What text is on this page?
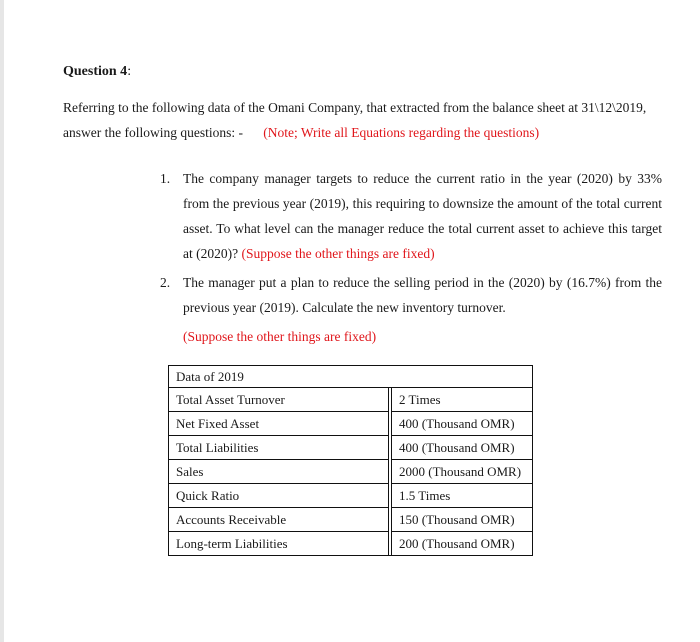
Question 4:
Referring to the following data of the Omani Company, that extracted from the balance sheet at 31\12\2019, answer the following questions: - (Note; Write all Equations regarding the questions)
1. The company manager targets to reduce the current ratio in the year (2020) by 33% from the previous year (2019), this requiring to downsize the amount of the total current asset. To what level can the manager reduce the total current asset to achieve this target at (2020)? (Suppose the other things are fixed)
2. The manager put a plan to reduce the selling period in the (2020) by (16.7%) from the previous year (2019). Calculate the new inventory turnover.
(Suppose the other things are fixed)
Data of 2019		
Total Asset Turnover		2 Times
Net Fixed Asset		400 (Thousand OMR)
Total Liabilities		400 (Thousand OMR)
Sales		2000 (Thousand OMR)
Quick Ratio		1.5 Times
Accounts Receivable		150 (Thousand OMR)
Long-term Liabilities		200 (Thousand OMR)
